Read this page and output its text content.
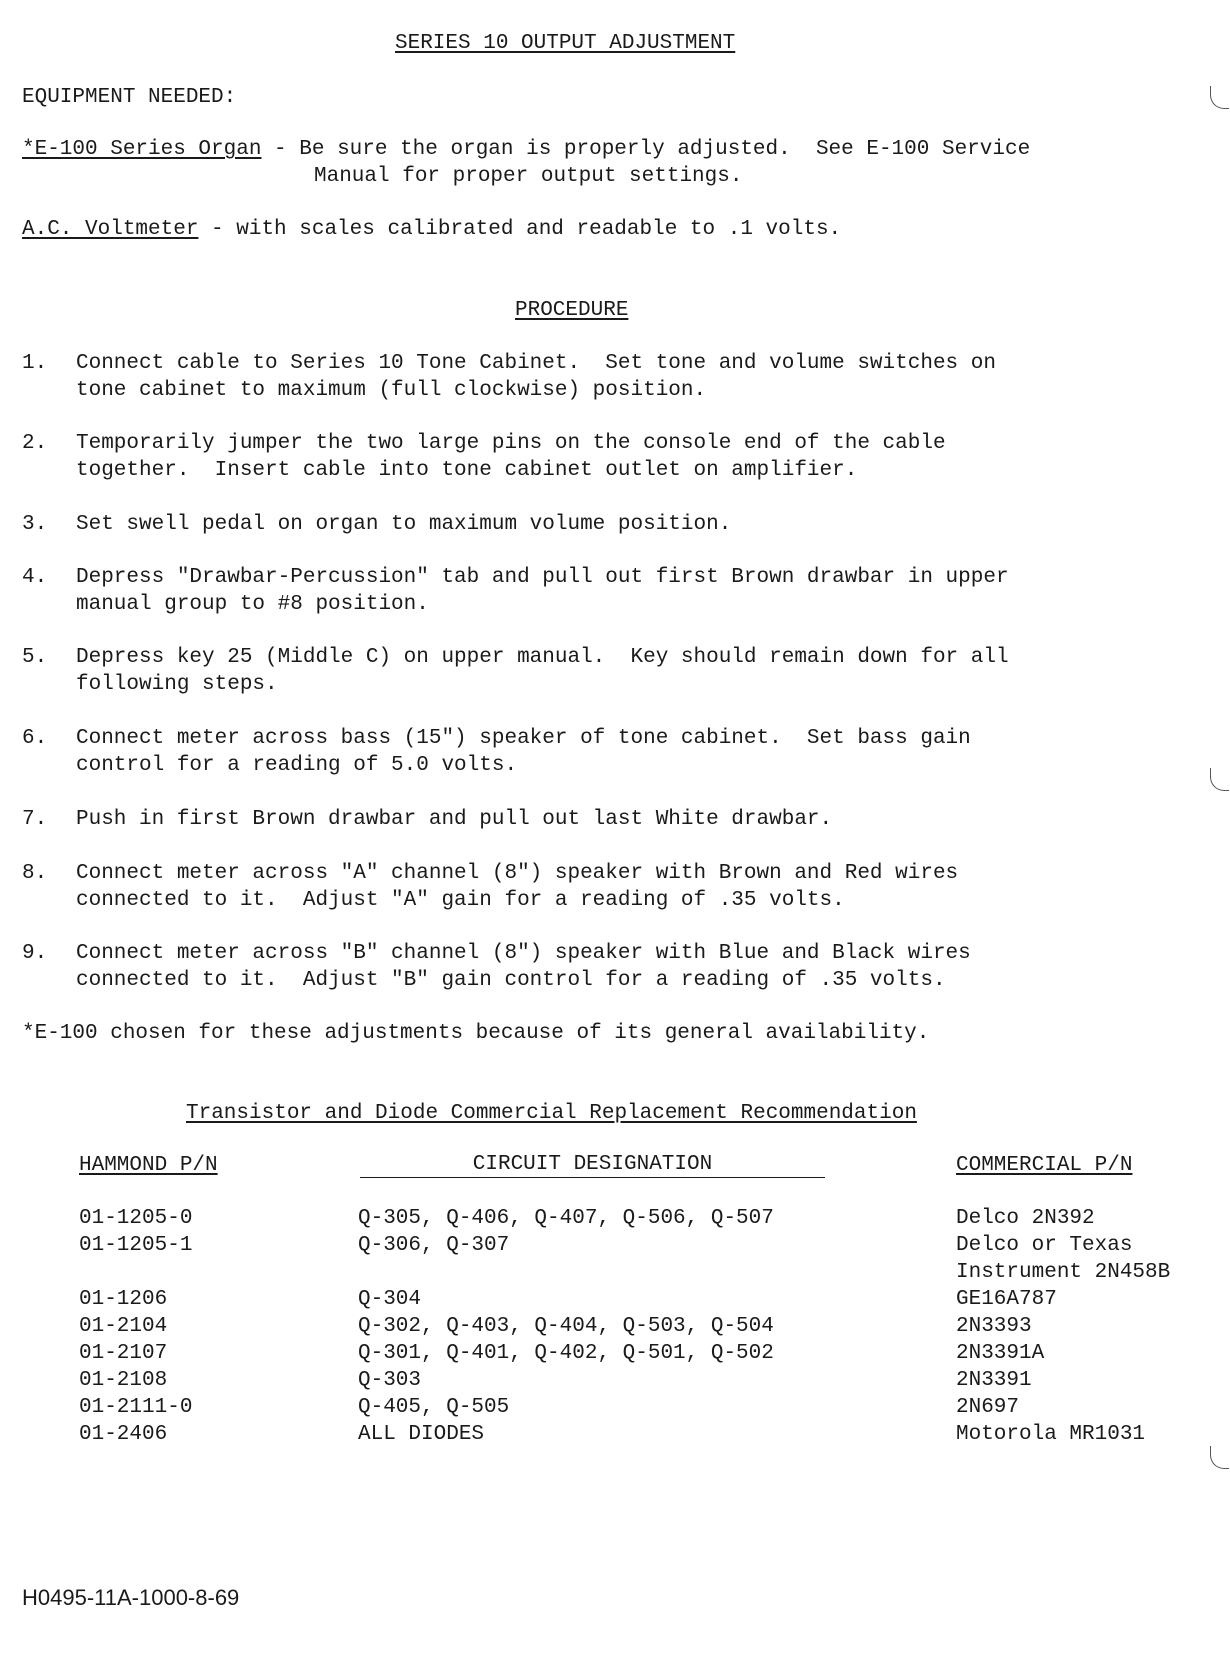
SERIES 10 OUTPUT ADJUSTMENT
EQUIPMENT NEEDED:
*E-100 Series Organ - Be sure the organ is properly adjusted.  See E-100 Service
Manual for proper output settings.
A.C. Voltmeter - with scales calibrated and readable to .1 volts.
PROCEDURE
1.	Connect cable to Series 10 Tone Cabinet.  Set tone and volume switches on
tone cabinet to maximum (full clockwise) position.
2.	Temporarily jumper the two large pins on the console end of the cable
together.  Insert cable into tone cabinet outlet on amplifier.
3.	Set swell pedal on organ to maximum volume position.
4.	Depress "Drawbar-Percussion" tab and pull out first Brown drawbar in upper
manual group to #8 position.
5.	Depress key 25 (Middle C) on upper manual.  Key should remain down for all
following steps.
6.	Connect meter across bass (15") speaker of tone cabinet.  Set bass gain
control for a reading of 5.0 volts.
7.	Push in first Brown drawbar and pull out last White drawbar.
8.	Connect meter across "A" channel (8") speaker with Brown and Red wires
connected to it.  Adjust "A" gain for a reading of .35 volts.
9.	Connect meter across "B" channel (8") speaker with Blue and Black wires
connected to it.  Adjust "B" gain control for a reading of .35 volts.
*E-100 chosen for these adjustments because of its general availability.
Transistor and Diode Commercial Replacement Recommendation
HAMMOND P/N	CIRCUIT DESIGNATION	COMMERCIAL P/N
01-1205-0	Q-305, Q-406, Q-407, Q-506, Q-507	Delco 2N392
01-1205-1	Q-306, Q-307	Delco or Texas
Instrument 2N458B
01-1206	Q-304	GE16A787
01-2104	Q-302, Q-403, Q-404, Q-503, Q-504	2N3393
01-2107	Q-301, Q-401, Q-402, Q-501, Q-502	2N3391A
01-2108	Q-303	2N3391
01-2111-0	Q-405, Q-505	2N697
01-2406	ALL DIODES	Motorola MR1031
H0495-11A-1000-8-69
